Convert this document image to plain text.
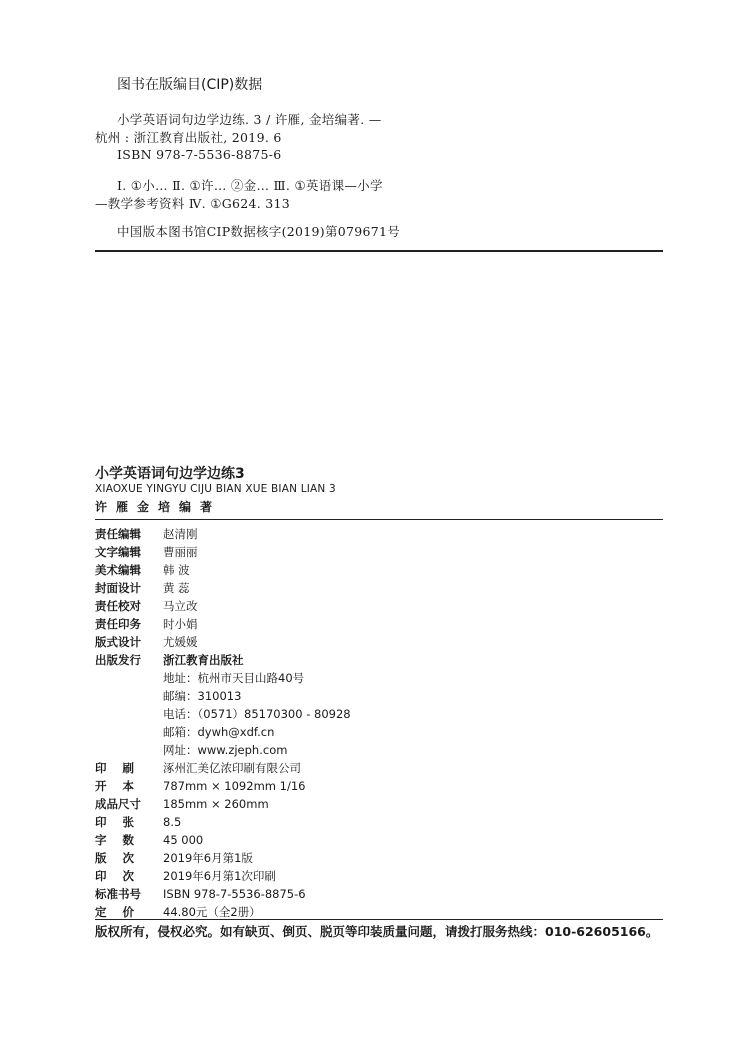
图书在版编目(CIP)数据
小学英语词句边学边练. 3 / 许雁, 金培编著. —
杭州 : 浙江教育出版社, 2019. 6
ISBN 978-7-5536-8875-6
Ⅰ. ①小… Ⅱ. ①许… ②金… Ⅲ. ①英语课—小学
—教学参考资料 Ⅳ. ①G624. 313
中国版本图书馆CIP数据核字(2019)第079671号
小学英语词句边学边练3
XIAOXUE YINGYU CIJU BIAN XUE BIAN LIAN 3
许雁金培编著
责任编辑	赵清刚
文字编辑	曹丽丽
美术编辑	韩 波
封面设计	黄 蕊
责任校对	马立改
责任印务	时小娟
版式设计	尤媛媛
出版发行	浙江教育出版社
地址：杭州市天目山路40号
邮编：310013
电话：（0571）85170300 - 80928
邮箱：dywh@xdf.cn
网址：www.zjeph.com
印刷	涿州汇美亿浓印刷有限公司
开本	787mm × 1092mm 1/16
成品尺寸	185mm × 260mm
印张	8.5
字数	45 000
版次	2019年6月第1版
印次	2019年6月第1次印刷
标准书号	ISBN 978-7-5536-8875-6
定价	44.80元（全2册）
版权所有，侵权必究。如有缺页、倒页、脱页等印装质量问题，请拨打服务热线：010-62605166。
